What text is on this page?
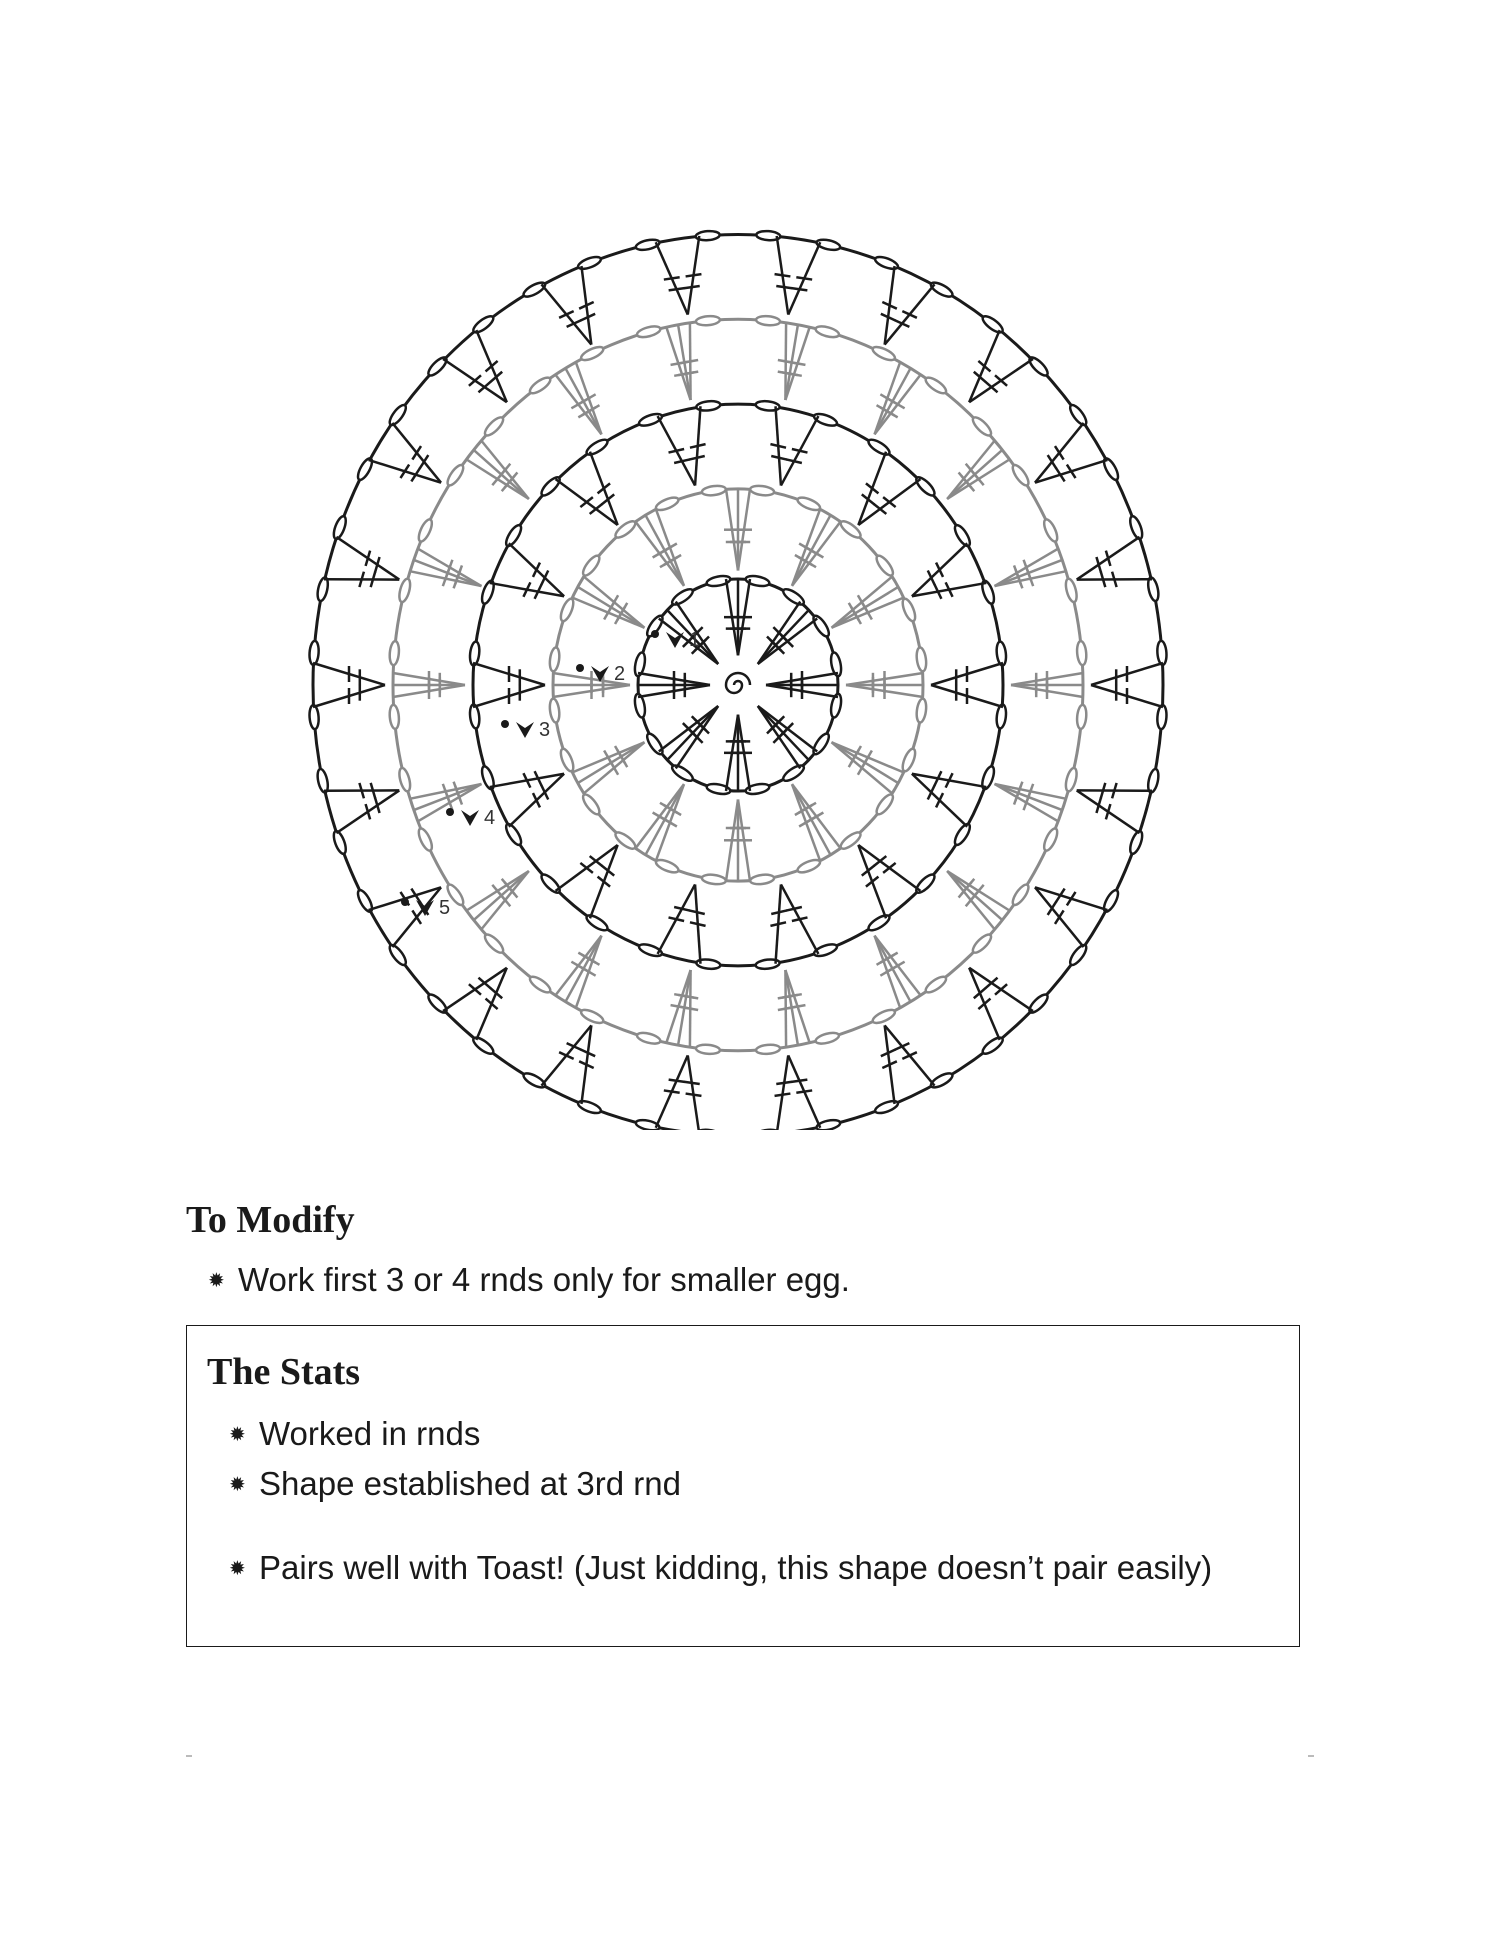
1
2
3
4
5
To Modify
✹ Work first 3 or 4 rnds only for smaller egg.
The Stats
✹ Worked in rnds
✹ Shape established at 3rd rnd
✹ Pairs well with Toast! (Just kidding, this shape doesn’t pair easily)
